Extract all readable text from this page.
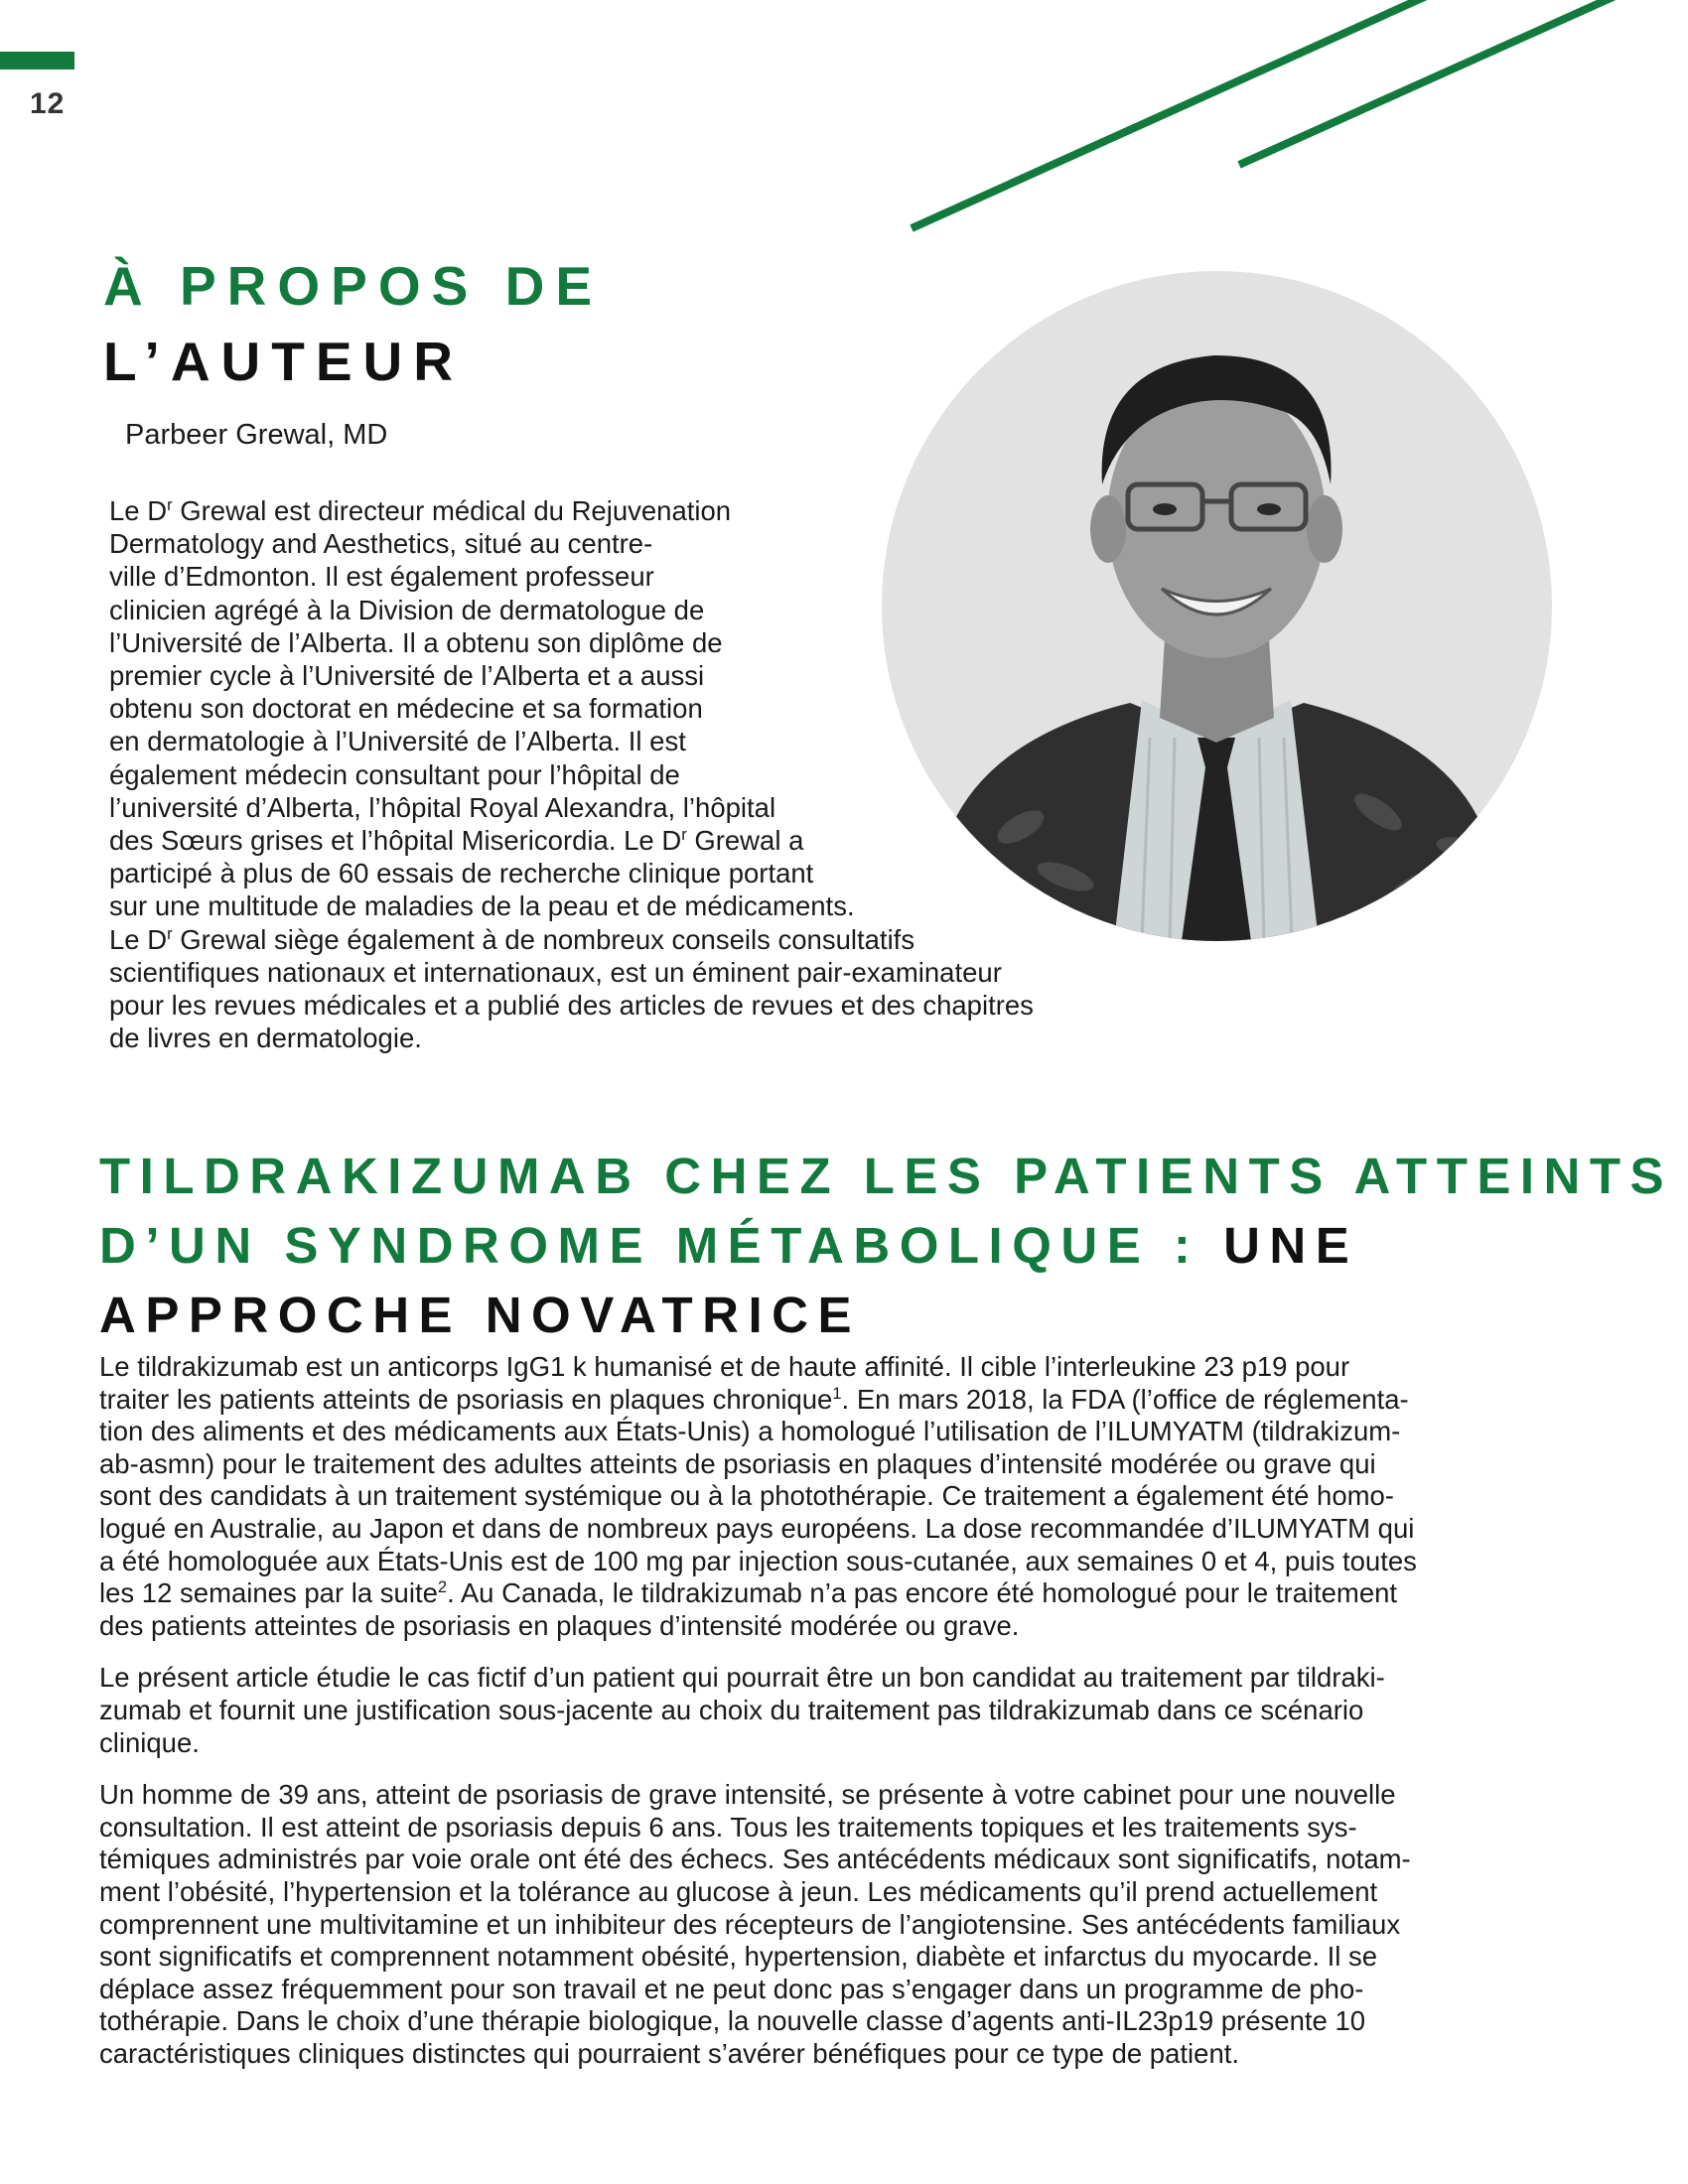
12
À PROPOS DE
L’AUTEUR
Parbeer Grewal, MD
Le $D^r$ Grewal est directeur médical du Rejuvenation
Dermatology and Aesthetics, situé au centre-
ville d’Edmonton. Il est également professeur
clinicien agrégé à la Division de dermatologue de
l’Université de l’Alberta. Il a obtenu son diplôme de
premier cycle à l’Université de l’Alberta et a aussi
obtenu son doctorat en médecine et sa formation
en dermatologie à l’Université de l’Alberta. Il est
également médecin consultant pour l’hôpital de
l’université d’Alberta, l’hôpital Royal Alexandra, l’hôpital
des Sœurs grises et l’hôpital Misericordia. Le $D^r$ Grewal a
participé à plus de 60 essais de recherche clinique portant
sur une multitude de maladies de la peau et de médicaments.
Le $D^r$ Grewal siège également à de nombreux conseils consultatifs
scientifiques nationaux et internationaux, est un éminent pair-examinateur
pour les revues médicales et a publié des articles de revues et des chapitres
de livres en dermatologie.
TILDRAKIZUMAB CHEZ LES PATIENTS ATTEINTS
D’UN SYNDROME MÉTABOLIQUE : UNE
APPROCHE NOVATRICE

Le tildrakizumab est un anticorps IgG1 k humanisé et de haute affinité. Il cible l’interleukine 23 p19 pour
traiter les patients atteints de psoriasis en plaques chronique$^1$. En mars 2018, la FDA (l’office de réglementa-
tion des aliments et des médicaments aux États-Unis) a homologué l’utilisation de l’ILUMYATM (tildrakizum-
ab-asmn) pour le traitement des adultes atteints de psoriasis en plaques d’intensité modérée ou grave qui
sont des candidats à un traitement systémique ou à la photothérapie. Ce traitement a également été homo-
logué en Australie, au Japon et dans de nombreux pays européens. La dose recommandée d’ILUMYATM qui
a été homologuée aux États-Unis est de 100 mg par injection sous-cutanée, aux semaines 0 et 4, puis toutes
les 12 semaines par la suite$^2$. Au Canada, le tildrakizumab n’a pas encore été homologué pour le traitement
des patients atteintes de psoriasis en plaques d’intensité modérée ou grave.

Le présent article étudie le cas fictif d’un patient qui pourrait être un bon candidat au traitement par tildraki-
zumab et fournit une justification sous-jacente au choix du traitement pas tildrakizumab dans ce scénario
clinique.

Un homme de 39 ans, atteint de psoriasis de grave intensité, se présente à votre cabinet pour une nouvelle
consultation. Il est atteint de psoriasis depuis 6 ans. Tous les traitements topiques et les traitements sys-
témiques administrés par voie orale ont été des échecs. Ses antécédents médicaux sont significatifs, notam-
ment l’obésité, l’hypertension et la tolérance au glucose à jeun. Les médicaments qu’il prend actuellement
comprennent une multivitamine et un inhibiteur des récepteurs de l’angiotensine. Ses antécédents familiaux
sont significatifs et comprennent notamment obésité, hypertension, diabète et infarctus du myocarde. Il se
déplace assez fréquemment pour son travail et ne peut donc pas s’engager dans un programme de pho-
tothérapie. Dans le choix d’une thérapie biologique, la nouvelle classe d’agents anti-IL23p19 présente 10
caractéristiques cliniques distinctes qui pourraient s’avérer bénéfiques pour ce type de patient.
